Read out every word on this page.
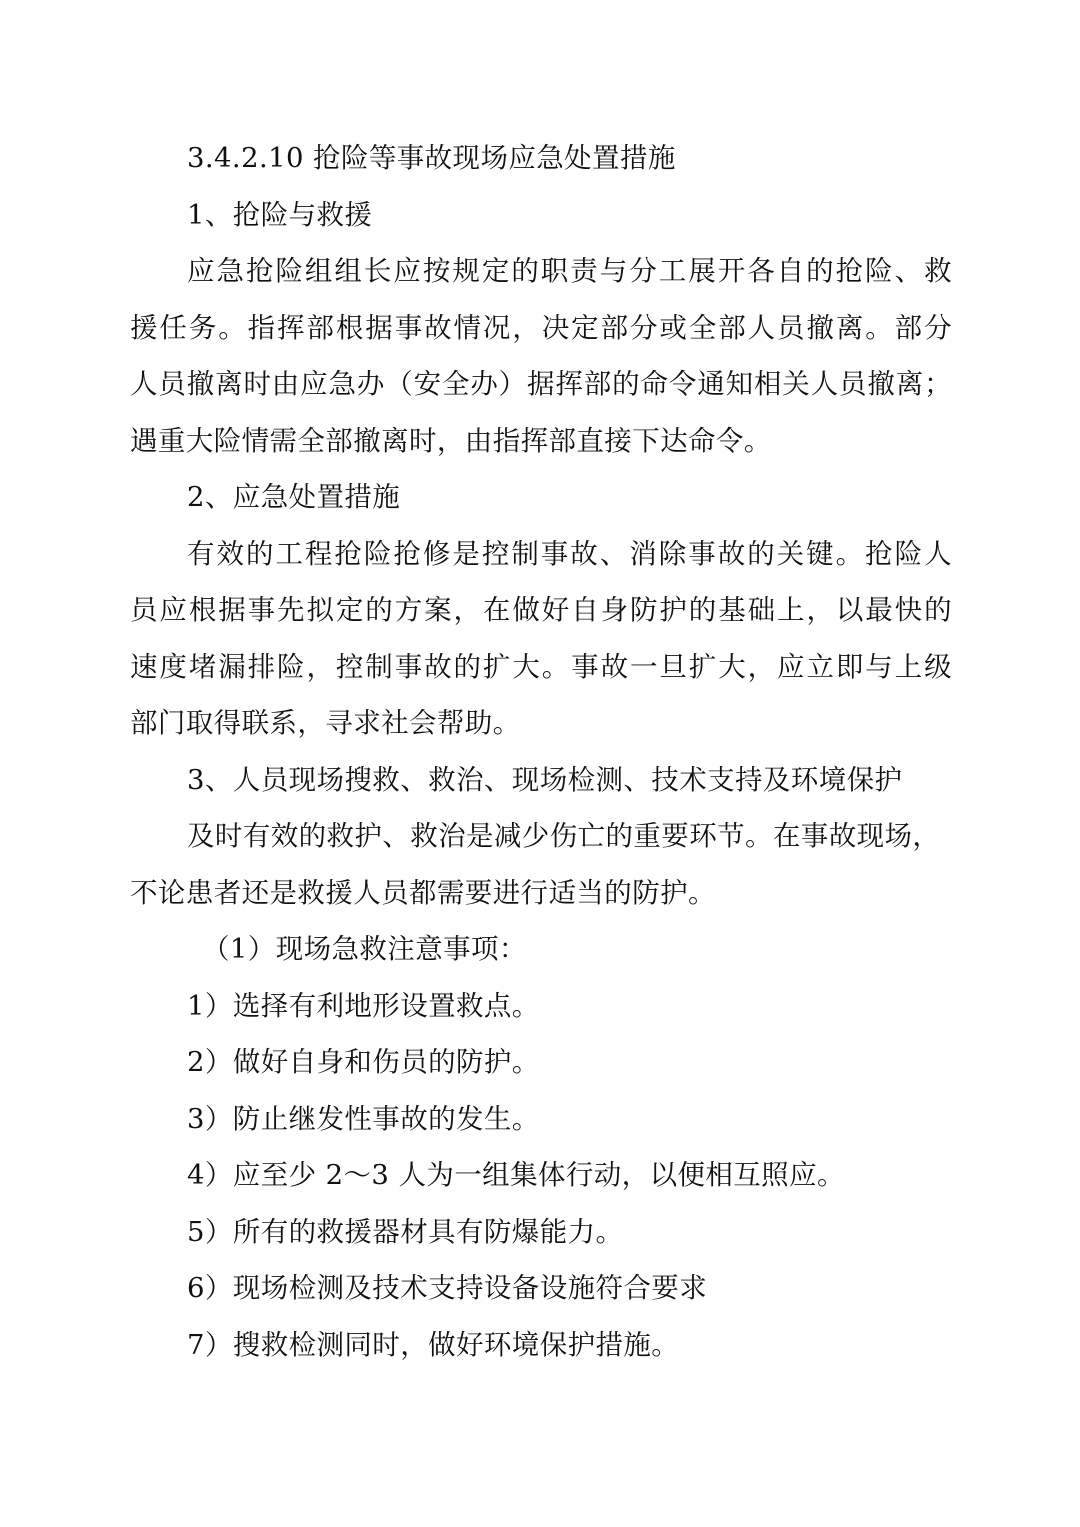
3.4.2.10 抢险等事故现场应急处置措施

1、抢险与救援

应急抢险组组长应按规定的职责与分工展开各自的抢险、救

援任务。指挥部根据事故情况，决定部分或全部人员撤离。部分

人员撤离时由应急办（安全办）据挥部的命令通知相关人员撤离；

遇重大险情需全部撤离时，由指挥部直接下达命令。

2、应急处置措施

有效的工程抢险抢修是控制事故、消除事故的关键。抢险人

员应根据事先拟定的方案，在做好自身防护的基础上，以最快的

速度堵漏排险，控制事故的扩大。事故一旦扩大，应立即与上级

部门取得联系，寻求社会帮助。

3、人员现场搜救、救治、现场检测、技术支持及环境保护

及时有效的救护、救治是减少伤亡的重要环节。在事故现场，

不论患者还是救援人员都需要进行适当的防护。

（1）现场急救注意事项：

1）选择有利地形设置救点。

2）做好自身和伤员的防护。

3）防止继发性事故的发生。

4）应至少 2～3 人为一组集体行动，以便相互照应。

5）所有的救援器材具有防爆能力。

6）现场检测及技术支持设备设施符合要求

7）搜救检测同时，做好环境保护措施。
